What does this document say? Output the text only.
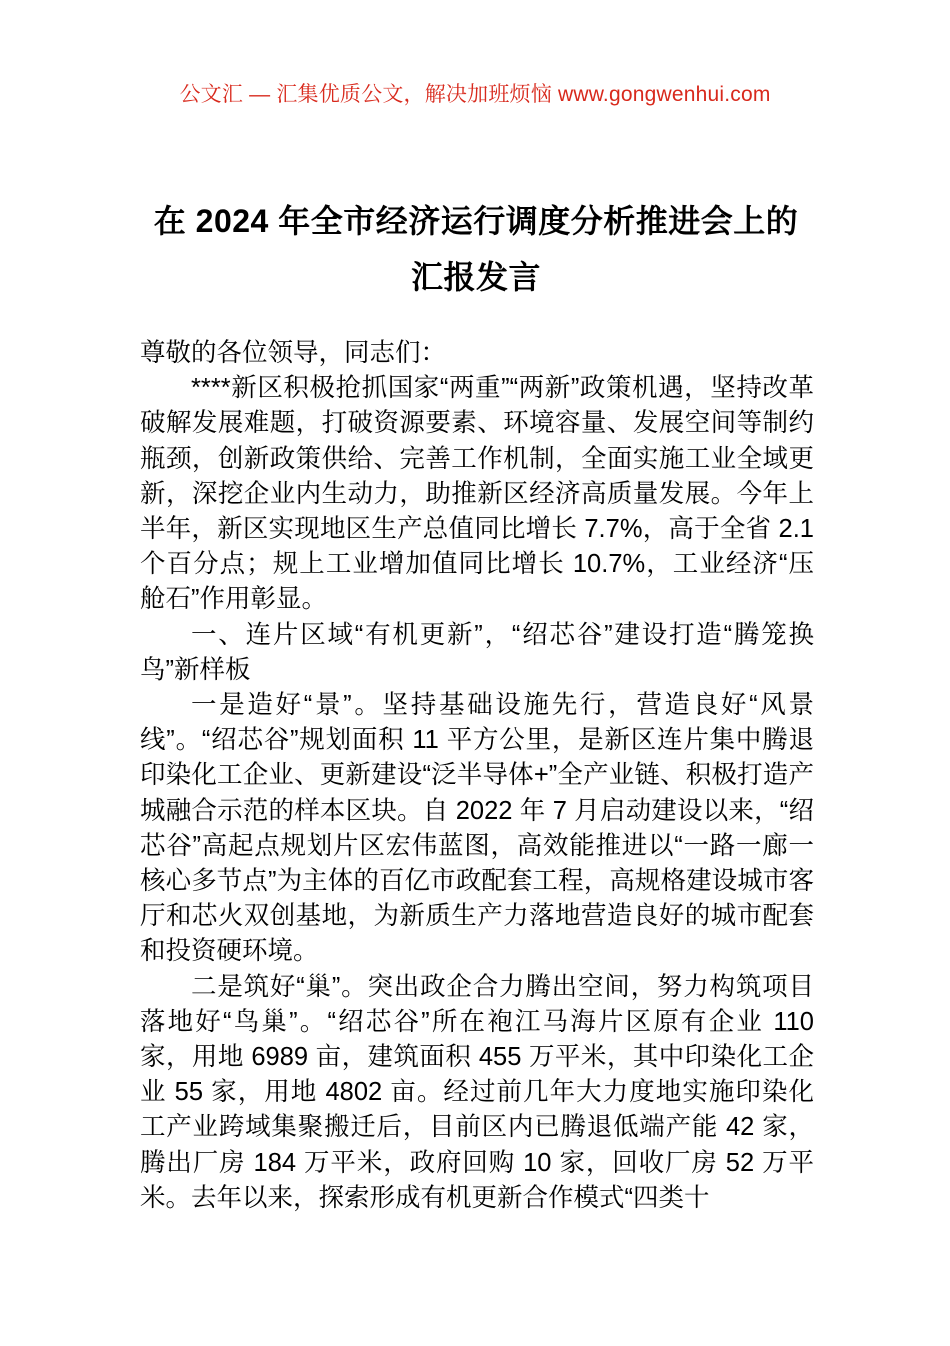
公文汇 — 汇集优质公文，解决加班烦恼 www.gongwenhui.com
在 2024 年全市经济运行调度分析推进会上的汇报发言

尊敬的各位领导，同志们：

****新区积极抢抓国家“两重”“两新”政策机遇，坚持改革破解发展难题，打破资源要素、环境容量、发展空间等制约瓶颈，创新政策供给、完善工作机制，全面实施工业全域更新，深挖企业内生动力，助推新区经济高质量发展。今年上半年，新区实现地区生产总值同比增长 7.7%，高于全省 2.1 个百分点；规上工业增加值同比增长 10.7%，工业经济“压舱石”作用彰显。

一、连片区域“有机更新”，“绍芯谷”建设打造“腾笼换鸟”新样板

一是造好“景”。坚持基础设施先行，营造良好“风景线”。“绍芯谷”规划面积 11 平方公里，是新区连片集中腾退印染化工企业、更新建设“泛半导体+”全产业链、积极打造产城融合示范的样本区块。自 2022 年 7 月启动建设以来，“绍芯谷”高起点规划片区宏伟蓝图，高效能推进以“一路一廊一核心多节点”为主体的百亿市政配套工程，高规格建设城市客厅和芯火双创基地，为新质生产力落地营造良好的城市配套和投资硬环境。

二是筑好“巢”。突出政企合力腾出空间，努力构筑项目落地好“鸟巢”。“绍芯谷”所在袍江马海片区原有企业 110 家，用地 6989 亩，建筑面积 455 万平米，其中印染化工企业 55 家，用地 4802 亩。经过前几年大力度地实施印染化工产业跨域集聚搬迁后，目前区内已腾退低端产能 42 家，腾出厂房 184 万平米，政府回购 10 家，回收厂房 52 万平米。去年以来，探索形成有机更新合作模式“四类十
